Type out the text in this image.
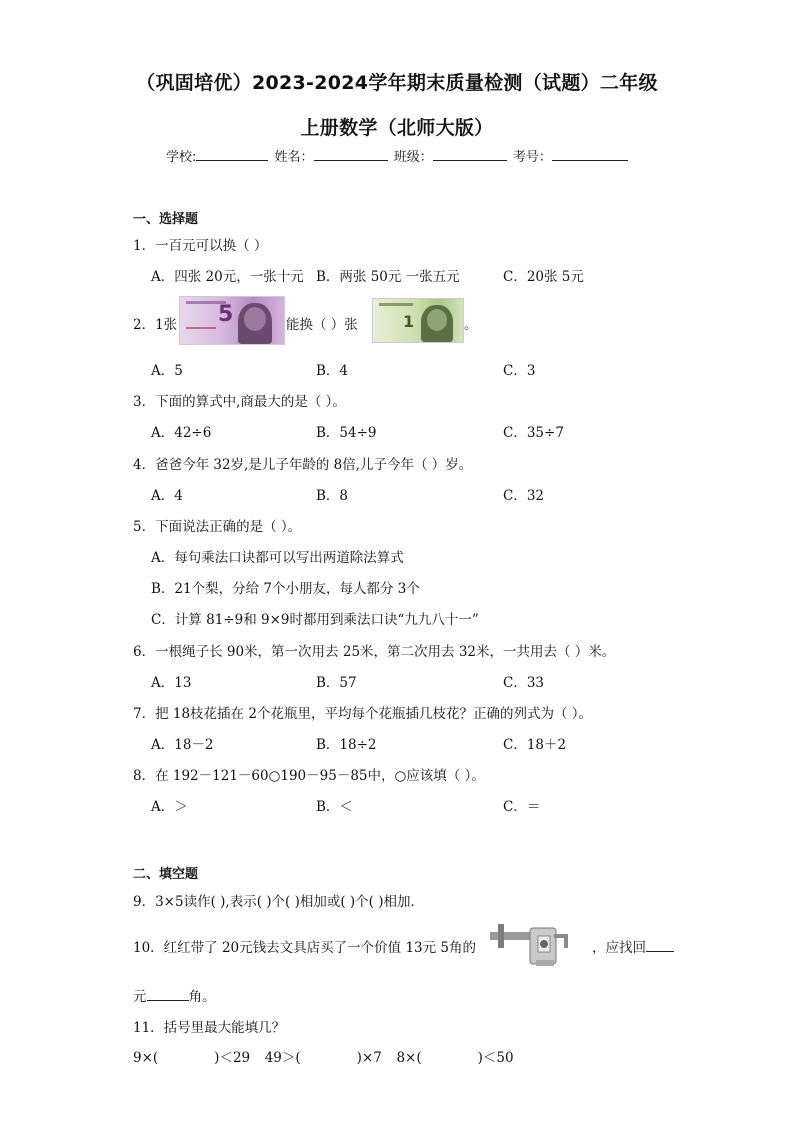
（巩固培优）2023-2024学年期末质量检测（试题）二年级
上册数学（北师大版）
学校:	姓名：	班级：	考号：
一、选择题
1．一百元可以换（ ）
A．四张 20元，一张十元 B．两张 50元 一张五元	C．20张 5元
2．1张 5	能换（ ）张	1	。
A．5	B．4	C．3
3．下面的算式中,商最大的是（ ）。
A．42÷6	B．54÷9	C．35÷7
4．爸爸今年 32岁,是儿子年龄的 8倍,儿子今年（ ）岁。
A．4	B．8	C．32
5．下面说法正确的是（ ）。
A．每句乘法口诀都可以写出两道除法算式
B．21个梨，分给 7个小朋友，每人都分 3个
C．计算 81÷9和 9×9时都用到乘法口诀“九九八十一”
6．一根绳子长 90米，第一次用去 25米，第二次用去 32米，一共用去（ ）米。
A．13	B．57	C．33
7．把 18枝花插在 2个花瓶里，平均每个花瓶插几枝花？正确的列式为（ ）。
A．18－2	B．18÷2	C．18＋2
8．在 192－121－60○190－95－85中，○应该填（ ）。
A．＞	B．＜	C．＝
二、填空题
9．3×5读作( ),表示( )个( )相加或( )个( )相加．
10．红红带了 20元钱去文具店买了一个价值 13元 5角的	，应找回
元	角。
11．括号里最大能填几？
9×(	)＜29 49＞(	)×7 8×(	)＜50
